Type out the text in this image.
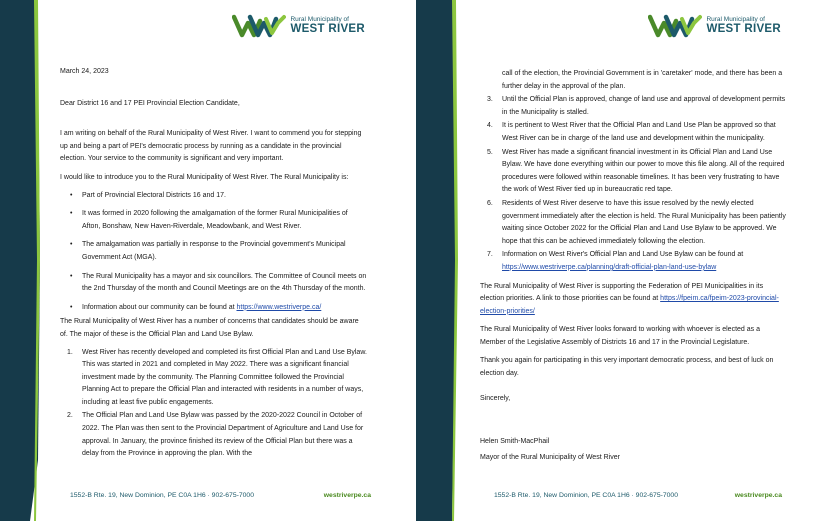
Rural Municipality of
WEST RIVER

March 24, 2023

Dear District 16 and 17 PEI Provincial Election Candidate,

I am writing on behalf of the Rural Municipality of West River. I want to commend you for stepping up and being a part of PEI's democratic process by running as a candidate in the provincial election. Your service to the community is significant and very important.

I would like to introduce you to the Rural Municipality of West River. The Rural Municipality is:

• Part of Provincial Electoral Districts 16 and 17.
• It was formed in 2020 following the amalgamation of the former Rural Municipalities of Afton, Bonshaw, New Haven-Riverdale, Meadowbank, and West River.
• The amalgamation was partially in response to the Provincial government's Municipal Government Act (MGA).
• The Rural Municipality has a mayor and six councillors. The Committee of Council meets on the 2nd Thursday of the month and Council Meetings are on the 4th Thursday of the month.
• Information about our community can be found at https://www.westriverpe.ca/

The Rural Municipality of West River has a number of concerns that candidates should be aware of. The major of these is the Official Plan and Land Use Bylaw.

1. West River has recently developed and completed its first Official Plan and Land Use Bylaw. This was started in 2021 and completed in May 2022. There was a significant financial investment made by the community. The Planning Committee followed the Provincial Planning Act to prepare the Official Plan and interacted with residents in a number of ways, including at least five public engagements.
2. The Official Plan and Land Use Bylaw was passed by the 2020-2022 Council in October of 2022. The Plan was then sent to the Provincial Department of Agriculture and Land Use for approval. In January, the province finished its review of the Official Plan but there was a delay from the Province in approving the plan. With the
1552-B Rte. 19, New Dominion, PE C0A 1H6 · 902-675-7000	westriverpe.ca
Rural Municipality of
WEST RIVER
call of the election, the Provincial Government is in 'caretaker' mode, and there has been a further delay in the approval of the plan.
3. Until the Official Plan is approved, change of land use and approval of development permits in the Municipality is stalled.
4. It is pertinent to West River that the Official Plan and Land Use Plan be approved so that West River can be in charge of the land use and development within the municipality.
5. West River has made a significant financial investment in its Official Plan and Land Use Bylaw. We have done everything within our power to move this file along. All of the required procedures were followed within reasonable timelines. It has been very frustrating to have the work of West River tied up in bureaucratic red tape.
6. Residents of West River deserve to have this issue resolved by the newly elected government immediately after the election is held. The Rural Municipality has been patiently waiting since October 2022 for the Official Plan and Land Use Bylaw to be approved. We hope that this can be achieved immediately following the election.
7. Information on West River's Official Plan and Land Use Bylaw can be found at
https://www.westriverpe.ca/planning/draft-official-plan-land-use-bylaw

The Rural Municipality of West River is supporting the Federation of PEI Municipalities in its election priorities. A link to those priorities can be found at https://fpeim.ca/fpeim-2023-provincial-election-priorities/

The Rural Municipality of West River looks forward to working with whoever is elected as a Member of the Legislative Assembly of Districts 16 and 17 in the Provincial Legislature.

Thank you again for participating in this very important democratic process, and best of luck on election day.

Sincerely,

Helen Smith-MacPhail

Mayor of the Rural Municipality of West River

1552-B Rte. 19, New Dominion, PE C0A 1H6 · 902-675-7000	westriverpe.ca
